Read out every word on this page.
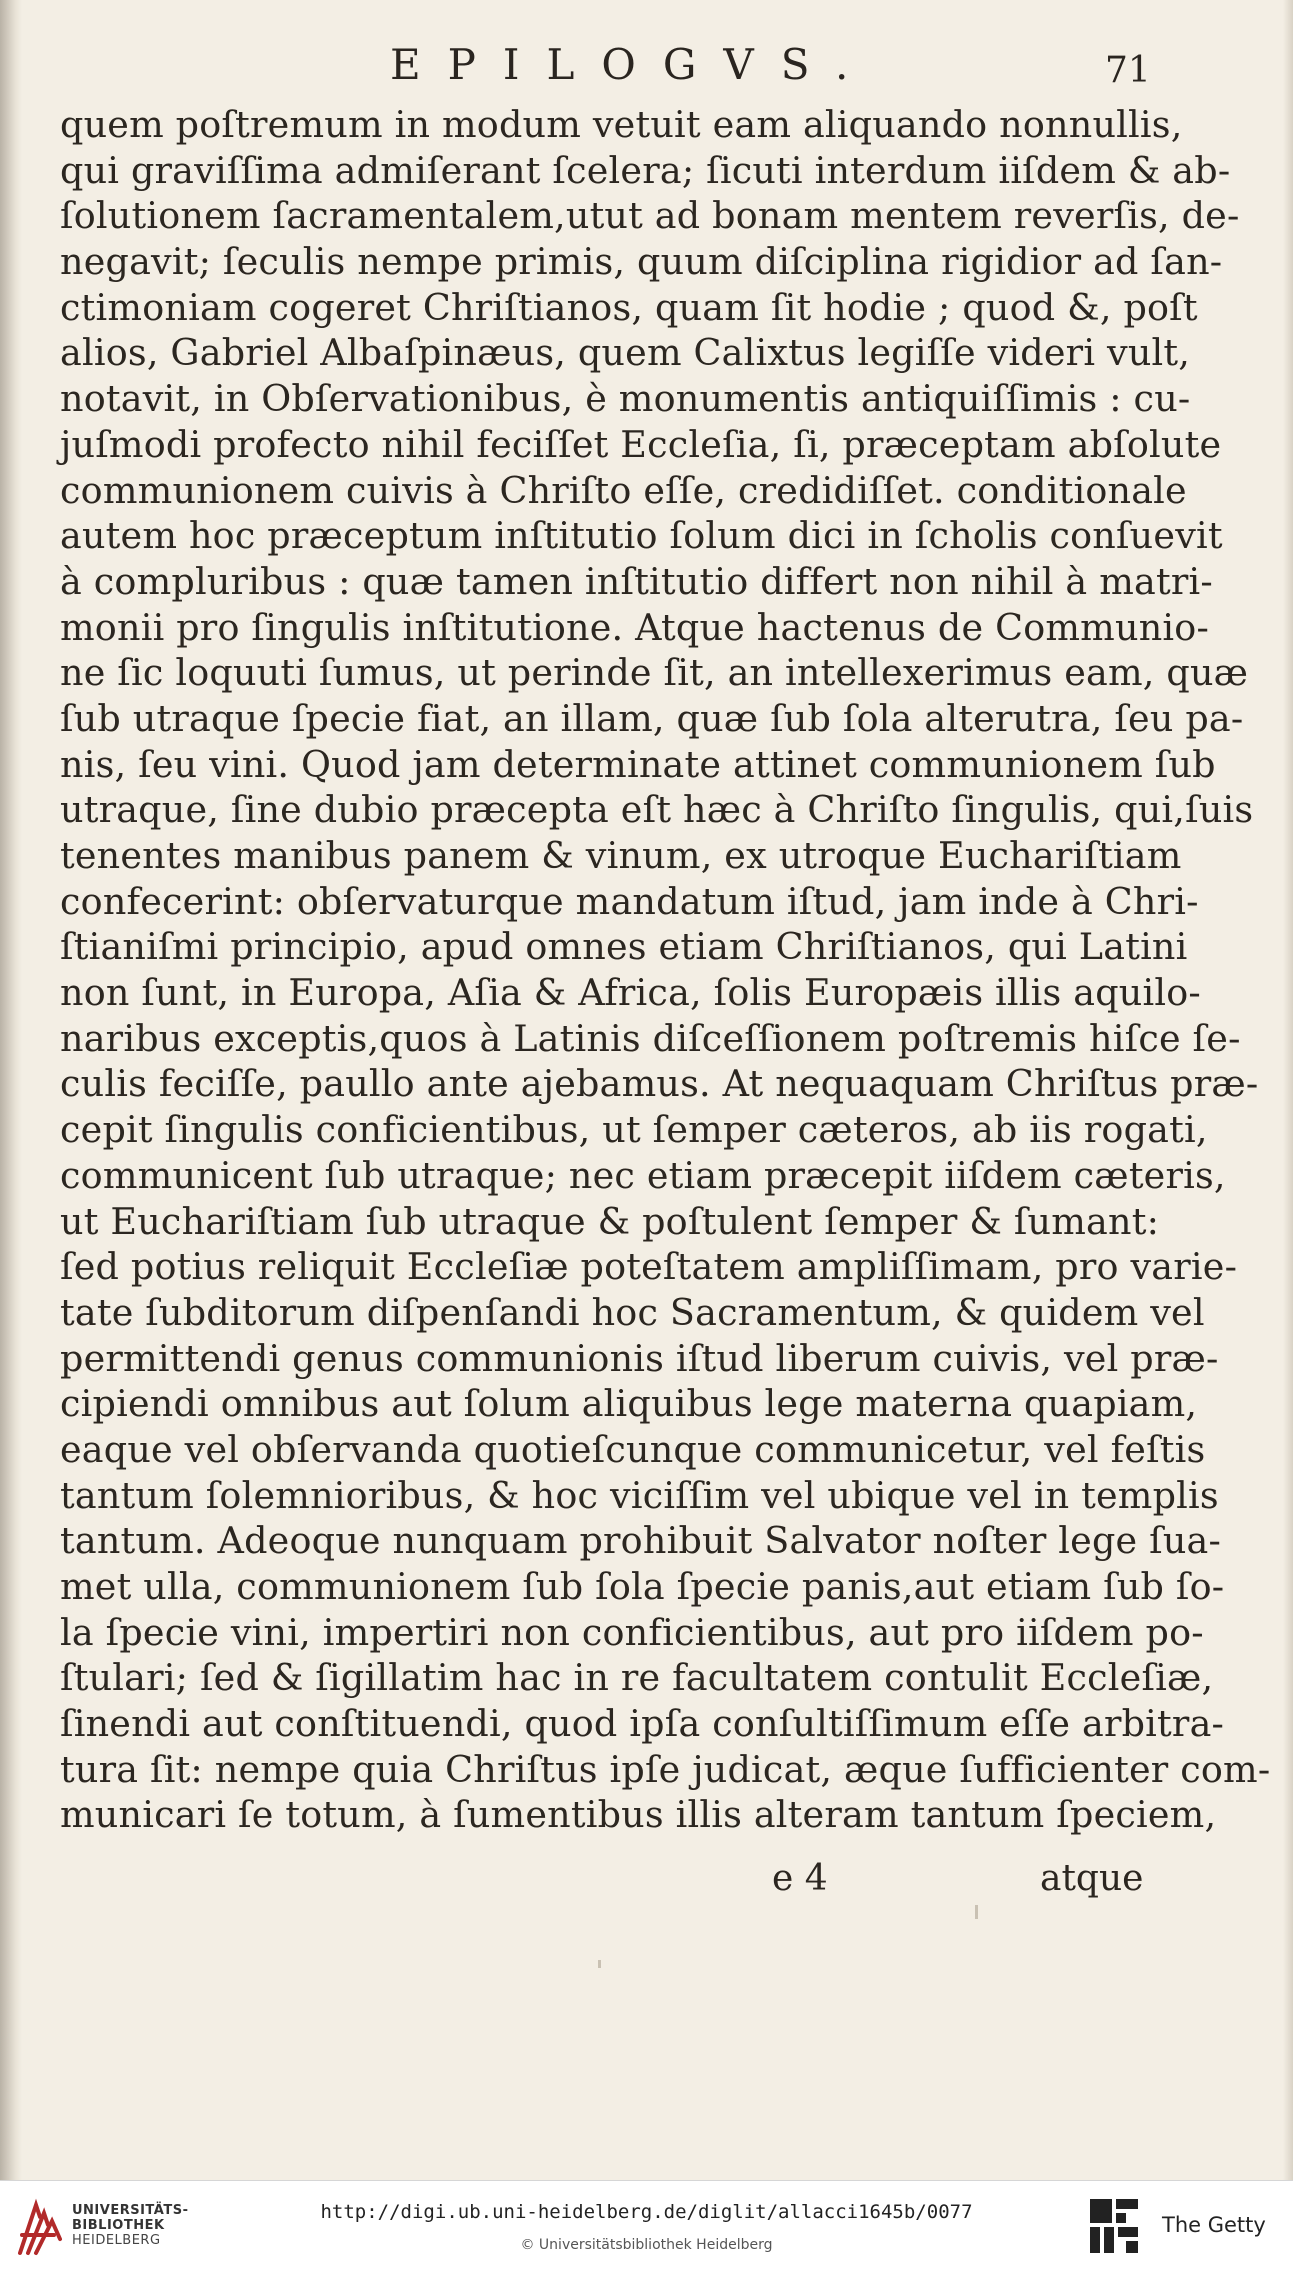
EPILOGVS.	71
quem poſtremum in modum vetuit eam aliquando nonnullis,
qui graviſſima admiſerant ſcelera; ſicuti interdum iiſdem & ab-
ſolutionem ſacramentalem,utut ad bonam mentem reverſis, de-
negavit; ſeculis nempe primis, quum diſciplina rigidior ad ſan-
ctimoniam cogeret Chriſtianos, quam ſit hodie ; quod &, poſt
alios, Gabriel Albaſpinæus, quem Calixtus legiſſe videri vult,
notavit, in Obſervationibus, è monumentis antiquiſſimis : cu-
juſmodi profecto nihil feciſſet Eccleſia, ſi, præceptam abſolute
communionem cuivis à Chriſto eſſe, credidiſſet. conditionale
autem hoc præceptum inſtitutio ſolum dici in ſcholis conſuevit
à compluribus : quæ tamen inſtitutio differt non nihil à matri-
monii pro ſingulis inſtitutione. Atque hactenus de Communio-
ne ſic loquuti ſumus, ut perinde ſit, an intellexerimus eam, quæ
ſub utraque ſpecie fiat, an illam, quæ ſub ſola alterutra, ſeu pa-
nis, ſeu vini. Quod jam determinate attinet communionem ſub
utraque, ſine dubio præcepta eſt hæc à Chriſto ſingulis, qui,ſuis
tenentes manibus panem & vinum, ex utroque Euchariſtiam
confecerint: obſervaturque mandatum iſtud, jam inde à Chri-
ſtianiſmi principio, apud omnes etiam Chriſtianos, qui Latini
non ſunt, in Europa, Aſia & Africa, ſolis Europæis illis aquilo-
naribus exceptis,quos à Latinis diſceſſionem poſtremis hiſce ſe-
culis feciſſe, paullo ante ajebamus. At nequaquam Chriſtus præ-
cepit ſingulis conficientibus, ut ſemper cæteros, ab iis rogati,
communicent ſub utraque; nec etiam præcepit iiſdem cæteris,
ut Euchariſtiam ſub utraque & poſtulent ſemper & ſumant:
ſed potius reliquit Eccleſiæ poteſtatem ampliſſimam, pro varie-
tate ſubditorum diſpenſandi hoc Sacramentum, & quidem vel
permittendi genus communionis iſtud liberum cuivis, vel præ-
cipiendi omnibus aut ſolum aliquibus lege materna quapiam,
eaque vel obſervanda quotieſcunque communicetur, vel feſtis
tantum ſolemnioribus, & hoc viciſſim vel ubique vel in templis
tantum. Adeoque nunquam prohibuit Salvator noſter lege ſua-
met ulla, communionem ſub ſola ſpecie panis,aut etiam ſub ſo-
la ſpecie vini, impertiri non conficientibus, aut pro iiſdem po-
ſtulari; ſed & ſigillatim hac in re facultatem contulit Eccleſiæ,
ſinendi aut conſtituendi, quod ipſa conſultiſſimum eſſe arbitra-
tura ſit: nempe quia Chriſtus ipſe judicat, æque ſufficienter com-
municari ſe totum, à ſumentibus illis alteram tantum ſpeciem,
e 4	atque
UNIVERSITÄTS-
BIBLIOTHEK
HEIDELBERG
http://digi.ub.uni-heidelberg.de/diglit/allacci1645b/0077
© Universitätsbibliothek Heidelberg
The Getty
